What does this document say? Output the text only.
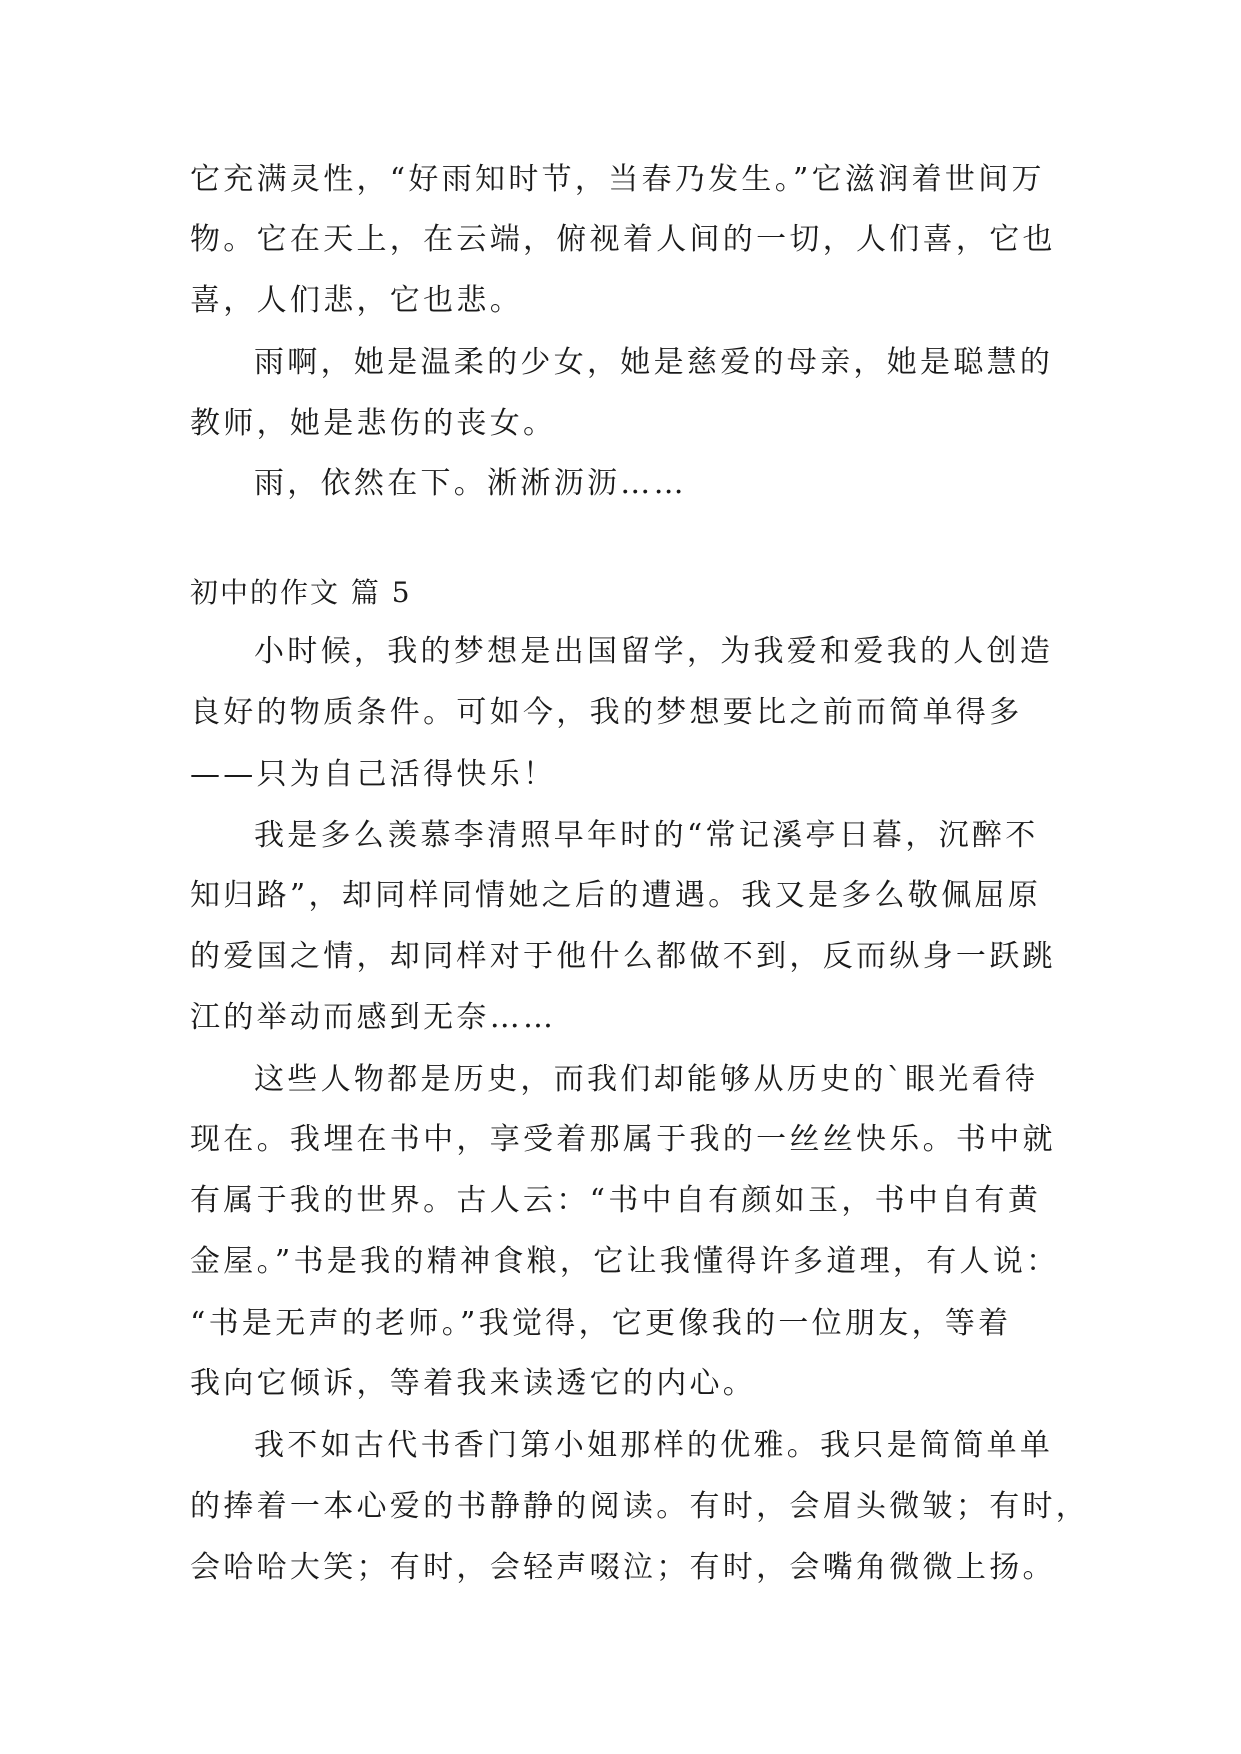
它充满灵性，“好雨知时节，当春乃发生。”它滋润着世间万
物。它在天上，在云端，俯视着人间的一切，人们喜，它也
喜，人们悲，它也悲。
雨啊，她是温柔的少女，她是慈爱的母亲，她是聪慧的
教师，她是悲伤的丧女。
雨，依然在下。淅淅沥沥……
初中的作文 篇 5
小时候，我的梦想是出国留学，为我爱和爱我的人创造
良好的物质条件。可如今，我的梦想要比之前而简单得多
——只为自己活得快乐！
我是多么羡慕李清照早年时的“常记溪亭日暮，沉醉不
知归路”，却同样同情她之后的遭遇。我又是多么敬佩屈原
的爱国之情，却同样对于他什么都做不到，反而纵身一跃跳
江的举动而感到无奈……
这些人物都是历史，而我们却能够从历史的`眼光看待
现在。我埋在书中，享受着那属于我的一丝丝快乐。书中就
有属于我的世界。古人云：“书中自有颜如玉，书中自有黄
金屋。”书是我的精神食粮，它让我懂得许多道理，有人说：
“书是无声的老师。”我觉得，它更像我的一位朋友，等着
我向它倾诉，等着我来读透它的内心。
我不如古代书香门第小姐那样的优雅。我只是简简单单
的捧着一本心爱的书静静的阅读。有时，会眉头微皱；有时，
会哈哈大笑；有时，会轻声啜泣；有时，会嘴角微微上扬。
